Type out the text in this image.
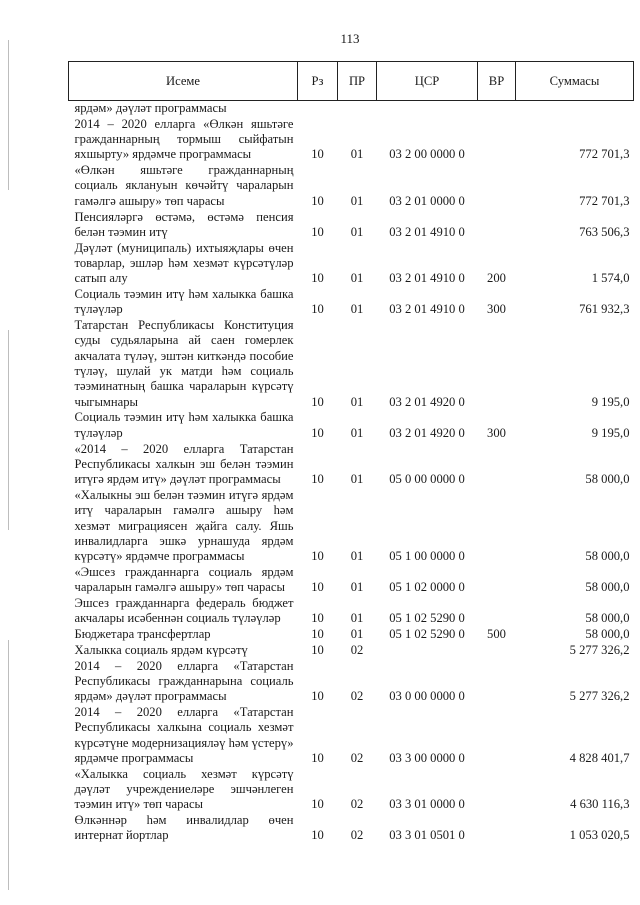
113
Исеме	Рз	ПР	ЦСР	ВР	Суммасы
ярдәм» дәүләт программасы					
2014 – 2020 елларга «Өлкән яшьтәге гражданнарның тормыш сыйфатын яхшырту» ярдәмче программасы	10	01	03 2 00 0000 0		772 701,3
«Өлкән яшьтәге гражданнарның социаль яклануын көчәйтү чараларын гамәлгә ашыру» төп чарасы	10	01	03 2 01 0000 0		772 701,3
Пенсияләргә өстәмә, өстәмә пенсия белән тәэмин итү	10	01	03 2 01 4910 0		763 506,3
Дәүләт (муниципаль) ихтыяҗлары өчен товарлар, эшләр һәм хезмәт күрсәтүләр сатып алу	10	01	03 2 01 4910 0	200	1 574,0
Социаль тәэмин итү һәм халыкка башка түләүләр	10	01	03 2 01 4910 0	300	761 932,3
Татарстан Республикасы Конституция суды судьяларына ай саен гомерлек акчалата түләү, эштән киткәндә пособие түләү, шулай ук матди һәм социаль тәэминатның башка чараларын күрсәтү чыгымнары	10	01	03 2 01 4920 0		9 195,0
Социаль тәэмин итү һәм халыкка башка түләүләр	10	01	03 2 01 4920 0	300	9 195,0
«2014 – 2020 елларга Татарстан Республикасы халкын эш белән тәэмин итүгә ярдәм итү» дәүләт программасы	10	01	05 0 00 0000 0		58 000,0
«Халыкны эш белән тәэмин итүгә ярдәм итү чараларын гамәлгә ашыру һәм хезмәт миграциясен җайга салу. Яшь инвалидларга эшкә урнашуда ярдәм күрсәтү» ярдәмче программасы	10	01	05 1 00 0000 0		58 000,0
«Эшсез гражданнарга социаль ярдәм чараларын гамәлгә ашыру» төп чарасы	10	01	05 1 02 0000 0		58 000,0
Эшсез гражданнарга федераль бюджет акчалары исәбеннән социаль түләүләр	10	01	05 1 02 5290 0		58 000,0
Бюджетара трансфертлар	10	01	05 1 02 5290 0	500	58 000,0
Халыкка социаль ярдәм күрсәтү	10	02			5 277 326,2
2014 – 2020 елларга «Татарстан Республикасы гражданнарына социаль ярдәм» дәүләт программасы	10	02	03 0 00 0000 0		5 277 326,2
2014 – 2020 елларга «Татарстан Республикасы халкына социаль хезмәт күрсәтүне модернизацияләү һәм үстерү» ярдәмче программасы	10	02	03 3 00 0000 0		4 828 401,7
«Халыкка социаль хезмәт күрсәтү дәүләт учреждениеләре эшчәнлеген тәэмин итү» төп чарасы	10	02	03 3 01 0000 0		4 630 116,3
Өлкәннәр һәм инвалидлар өчен интернат йортлар	10	02	03 3 01 0501 0		1 053 020,5
